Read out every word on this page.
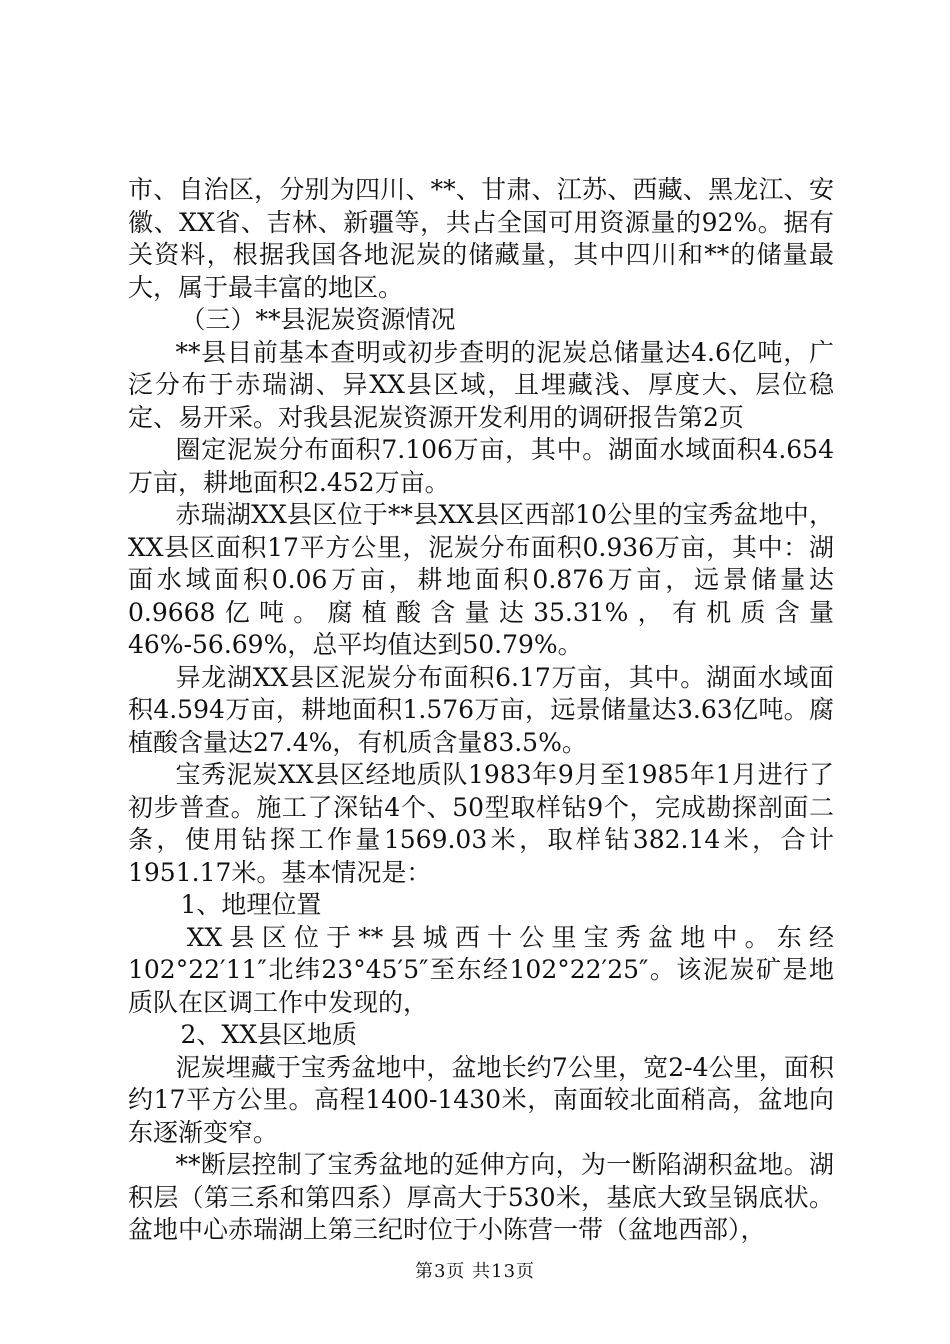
市、自治区，分别为四川、**、甘肃、江苏、西藏、黑龙江、安徽、XX省、吉林、新疆等，共占全国可用资源量的92%。据有关资料，根据我国各地泥炭的储藏量，其中四川和**的储量最大，属于最丰富的地区。

（三）**县泥炭资源情况

**县目前基本查明或初步查明的泥炭总储量达4.6亿吨，广泛分布于赤瑞湖、异XX县区域，且埋藏浅、厚度大、层位稳定、易开采。对我县泥炭资源开发利用的调研报告第2页

圈定泥炭分布面积7.106万亩，其中。湖面水域面积4.654万亩，耕地面积2.452万亩。

赤瑞湖XX县区位于**县XX县区西部10公里的宝秀盆地中，XX县区面积17平方公里，泥炭分布面积0.936万亩，其中：湖面水域面积0.06万亩，耕地面积0.876万亩，远景储量达0.9668亿吨。腐植酸含量达35.31%，有机质含量46%-56.69%，总平均值达到50.79%。

异龙湖XX县区泥炭分布面积6.17万亩，其中。湖面水域面积4.594万亩，耕地面积1.576万亩，远景储量达3.63亿吨。腐植酸含量达27.4%，有机质含量83.5%。

宝秀泥炭XX县区经地质队1983年9月至1985年1月进行了初步普查。施工了深钻4个、50型取样钻9个，完成勘探剖面二条，使用钻探工作量1569.03米，取样钻382.14米，合计1951.17米。基本情况是：

1、地理位置

XX县区位于**县城西十公里宝秀盆地中。东经102°22′11″北纬23°45′5″至东经102°22′25″。该泥炭矿是地质队在区调工作中发现的，

2、XX县区地质

泥炭埋藏于宝秀盆地中，盆地长约7公里，宽2-4公里，面积约17平方公里。高程1400-1430米，南面较北面稍高，盆地向东逐渐变窄。

**断层控制了宝秀盆地的延伸方向，为一断陷湖积盆地。湖积层（第三系和第四系）厚高大于530米，基底大致呈锅底状。盆地中心赤瑞湖上第三纪时位于小陈营一带（盆地西部），

第3页 共13页
